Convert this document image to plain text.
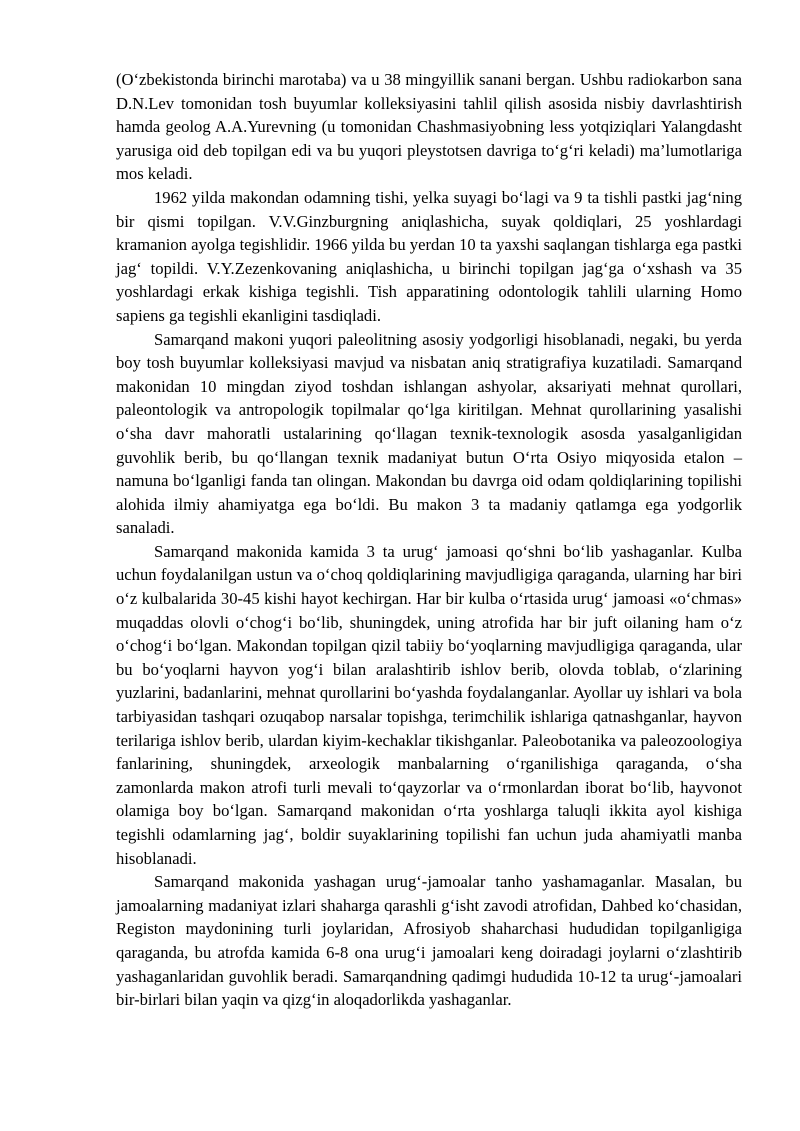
(O‘zbekistonda birinchi marotaba) va u 38 mingyillik sanani bergan. Ushbu radiokarbon sana D.N.Lev tomonidan tosh buyumlar kolleksiyasini tahlil qilish asosida nisbiy davrlashtirish hamda geolog A.A.Yurevning (u tomonidan Chashmasiyobning less yotqiziqlari Yalangdasht yarusiga oid deb topilgan edi va bu yuqori pleystotsen davriga to‘g‘ri keladi) ma’lumotlariga mos keladi.

1962 yilda makondan odamning tishi, yelka suyagi bo‘lagi va 9 ta tishli pastki jag‘ning bir qismi topilgan. V.V.Ginzburgning aniqlashicha, suyak qoldiqlari, 25 yoshlardagi kramanion ayolga tegishlidir. 1966 yilda bu yerdan 10 ta yaxshi saqlangan tishlarga ega pastki jag‘ topildi. V.Y.Zezenkovaning aniqlashicha, u birinchi topilgan jag‘ga o‘xshash va 35 yoshlardagi erkak kishiga tegishli. Tish apparatining odontologik tahlili ularning Homo sapiens ga tegishli ekanligini tasdiqladi.

Samarqand makoni yuqori paleolitning asosiy yodgorligi hisoblanadi, negaki, bu yerda boy tosh buyumlar kolleksiyasi mavjud va nisbatan aniq stratigrafiya kuzatiladi. Samarqand makonidan 10 mingdan ziyod toshdan ishlangan ashyolar, aksariyati mehnat qurollari, paleontologik va antropologik topilmalar qo‘lga kiritilgan. Mehnat qurollarining yasalishi o‘sha davr mahoratli ustalarining qo‘llagan texnik-texnologik asosda yasalganligidan guvohlik berib, bu qo‘llangan texnik madaniyat butun O‘rta Osiyo miqyosida etalon – namuna bo‘lganligi fanda tan olingan. Makondan bu davrga oid odam qoldiqlarining topilishi alohida ilmiy ahamiyatga ega bo‘ldi. Bu makon 3 ta madaniy qatlamga ega yodgorlik sanaladi.

Samarqand makonida kamida 3 ta urug‘ jamoasi qo‘shni bo‘lib yashaganlar. Kulba uchun foydalanilgan ustun va o‘choq qoldiqlarining mavjudligiga qaraganda, ularning har biri o‘z kulbalarida 30-45 kishi hayot kechirgan. Har bir kulba o‘rtasida urug‘ jamoasi «o‘chmas» muqaddas olovli o‘chog‘i bo‘lib, shuningdek, uning atrofida har bir juft oilaning ham o‘z o‘chog‘i bo‘lgan. Makondan topilgan qizil tabiiy bo‘yoqlarning mavjudligiga qaraganda, ular bu bo‘yoqlarni hayvon yog‘i bilan aralashtirib ishlov berib, olovda toblab, o‘zlarining yuzlarini, badanlarini, mehnat qurollarini bo‘yashda foydalanganlar. Ayollar uy ishlari va bola tarbiyasidan tashqari ozuqabop narsalar topishga, terimchilik ishlariga qatnashganlar, hayvon terilariga ishlov berib, ulardan kiyim-kechaklar tikishganlar. Paleobotanika va paleozoologiya fanlarining, shuningdek, arxeologik manbalarning o‘rganilishiga qaraganda, o‘sha zamonlarda makon atrofi turli mevali to‘qayzorlar va o‘rmonlardan iborat bo‘lib, hayvonot olamiga boy bo‘lgan. Samarqand makonidan o‘rta yoshlarga taluqli ikkita ayol kishiga tegishli odamlarning jag‘, boldir suyaklarining topilishi fan uchun juda ahamiyatli manba hisoblanadi.

Samarqand makonida yashagan urug‘-jamoalar tanho yashamaganlar. Masalan, bu jamoalarning madaniyat izlari shaharga qarashli g‘isht zavodi atrofidan, Dahbed ko‘chasidan, Registon maydonining turli joylaridan, Afrosiyob shaharchasi hududidan topilganligiga qaraganda, bu atrofda kamida 6-8 ona urug‘i jamoalari keng doiradagi joylarni o‘zlashtirib yashaganlaridan guvohlik beradi. Samarqandning qadimgi hududida 10-12 ta urug‘-jamoalari bir-birlari bilan yaqin va qizg‘in aloqadorlikda yashaganlar.
